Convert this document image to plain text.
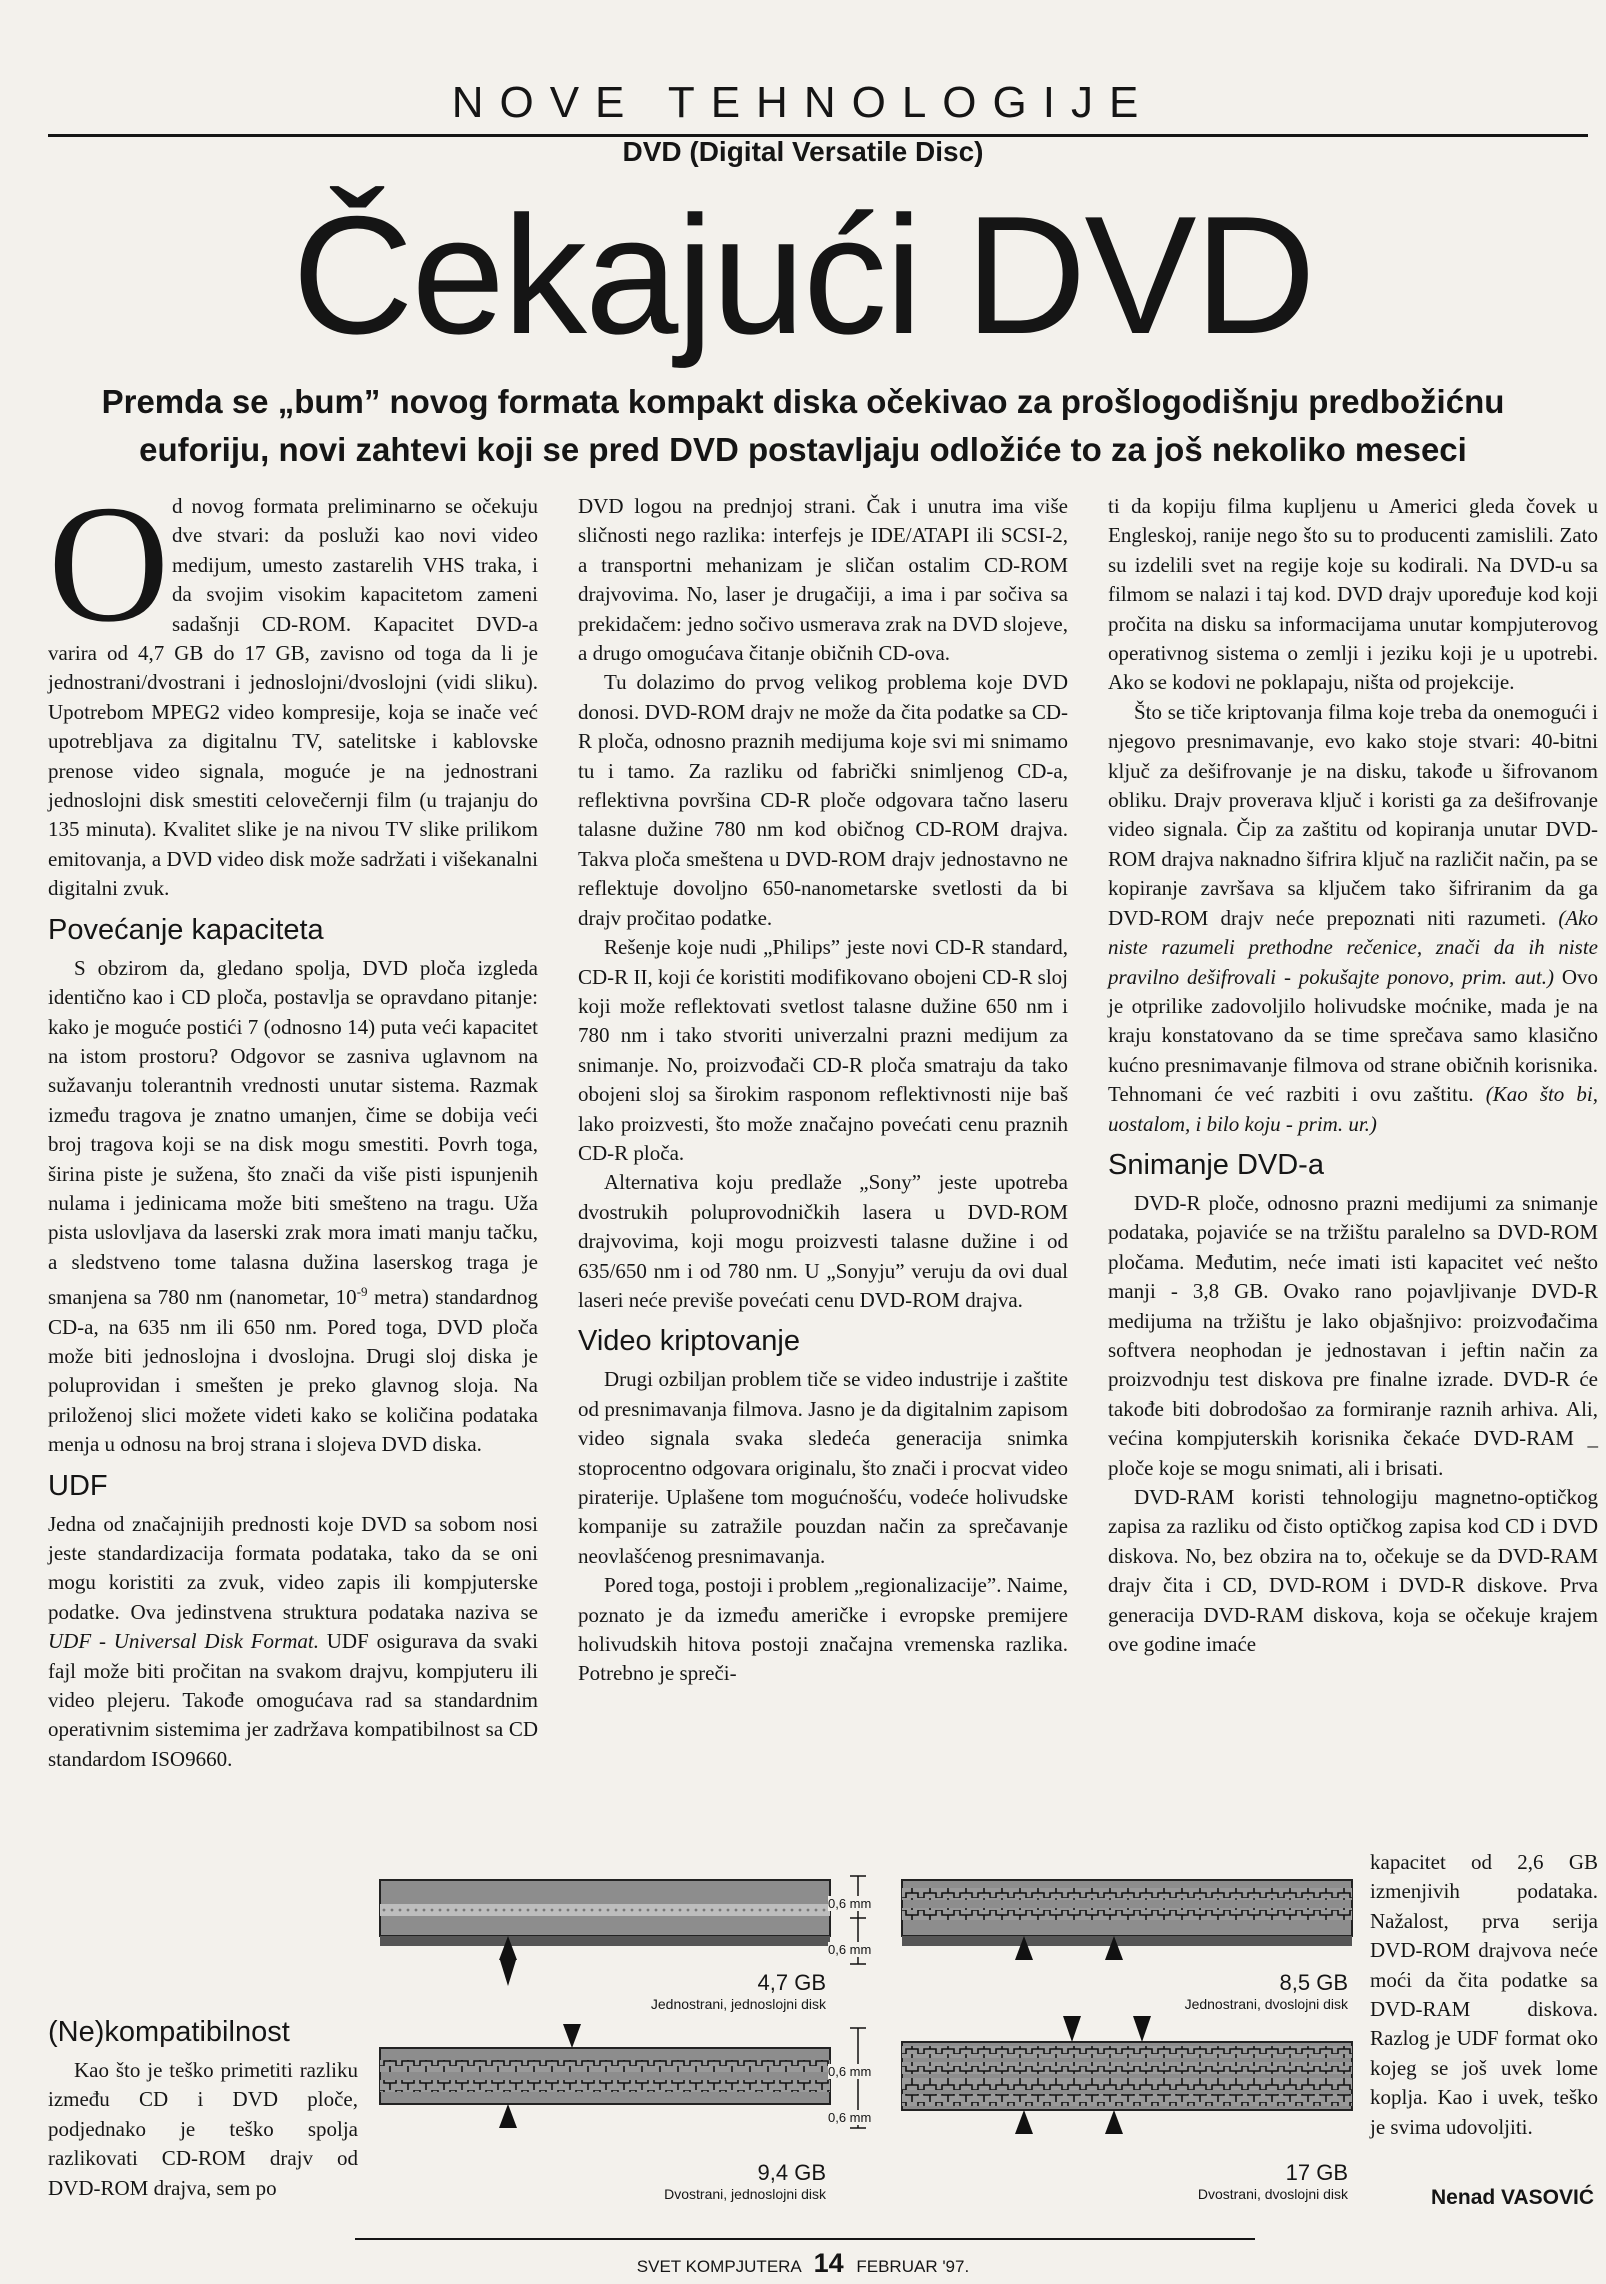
NOVE TEHNOLOGIJE
DVD (Digital Versatile Disc)
Čekajući DVD
Premda se „bum” novog formata kompakt diska očekivao za prošlogodišnju predbožićnu euforiju, novi zahtevi koji se pred DVD postavljaju odložiće to za još nekoliko meseci

Od novog formata preliminarno se očekuju dve stvari: da posluži kao novi video medijum, umesto zastarelih VHS traka, i da svojim visokim kapacitetom zameni sadašnji CD-ROM. Kapacitet DVD-a varira od 4,7 GB do 17 GB, zavisno od toga da li je jednostrani/dvostrani i jednoslojni/dvoslojni (vidi sliku). Upotrebom MPEG2 video kompresije, koja se inače već upotrebljava za digitalnu TV, satelitske i kablovske prenose video signala, moguće je na jednostrani jednoslojni disk smestiti celovečernji film (u trajanju do 135 minuta). Kvalitet slike je na nivou TV slike prilikom emitovanja, a DVD video disk može sadržati i višekanalni digitalni zvuk.

Povećanje kapaciteta

S obzirom da, gledano spolja, DVD ploča izgleda identično kao i CD ploča, postavlja se opravdano pitanje: kako je moguće postići 7 (odnosno 14) puta veći kapacitet na istom prostoru? Odgovor se zasniva uglavnom na sužavanju tolerantnih vrednosti unutar sistema. Razmak između tragova je znatno umanjen, čime se dobija veći broj tragova koji se na disk mogu smestiti. Povrh toga, širina piste je sužena, što znači da više pisti ispunjenih nulama i jedinicama može biti smešteno na tragu. Uža pista uslovljava da laserski zrak mora imati manju tačku, a sledstveno tome talasna dužina laserskog traga je smanjena sa 780 nm (nanometar, $10^{-9}$ metra) standardnog CD-a, na 635 nm ili 650 nm. Pored toga, DVD ploča može biti jednoslojna i dvoslojna. Drugi sloj diska je poluprovidan i smešten je preko glavnog sloja. Na priloženoj slici možete videti kako se količina podataka menja u odnosu na broj strana i slojeva DVD diska.

UDF

Jedna od značajnijih prednosti koje DVD sa sobom nosi jeste standardizacija formata podataka, tako da se oni mogu koristiti za zvuk, video zapis ili kompjuterske podatke. Ova jedinstvena struktura podataka naziva se UDF - Universal Disk Format. UDF osigurava da svaki fajl može biti pročitan na svakom drajvu, kompjuteru ili video plejeru. Takođe omogućava rad sa standardnim operativnim sistemima jer zadržava kompatibilnost sa CD standardom ISO9660.

(Ne)kompatibilnost

Kao što je teško primetiti razliku između CD i DVD ploče, podjednako je teško spolja razlikovati CD-ROM drajv od DVD-ROM drajva, sem po

DVD logou na prednjoj strani. Čak i unutra ima više sličnosti nego razlika: interfejs je IDE/ATAPI ili SCSI-2, a transportni mehanizam je sličan ostalim CD-ROM drajvovima. No, laser je drugačiji, a ima i par sočiva sa prekidačem: jedno sočivo usmerava zrak na DVD slojeve, a drugo omogućava čitanje običnih CD-ova.

Tu dolazimo do prvog velikog problema koje DVD donosi. DVD-ROM drajv ne može da čita podatke sa CD-R ploča, odnosno praznih medijuma koje svi mi snimamo tu i tamo. Za razliku od fabrički snimljenog CD-a, reflektivna površina CD-R ploče odgovara tačno laseru talasne dužine 780 nm kod običnog CD-ROM drajva. Takva ploča smeštena u DVD-ROM drajv jednostavno ne reflektuje dovoljno 650-nanometarske svetlosti da bi drajv pročitao podatke.

Rešenje koje nudi „Philips” jeste novi CD-R standard, CD-R II, koji će koristiti modifikovano obojeni CD-R sloj koji može reflektovati svetlost talasne dužine 650 nm i 780 nm i tako stvoriti univerzalni prazni medijum za snimanje. No, proizvođači CD-R ploča smatraju da tako obojeni sloj sa širokim rasponom reflektivnosti nije baš lako proizvesti, što može značajno povećati cenu praznih CD-R ploča.

Alternativa koju predlaže „Sony” jeste upotreba dvostrukih poluprovodničkih lasera u DVD-ROM drajvovima, koji mogu proizvesti talasne dužine i od 635/650 nm i od 780 nm. U „Sonyju” veruju da ovi dual laseri neće previše povećati cenu DVD-ROM drajva.

Video kriptovanje

Drugi ozbiljan problem tiče se video industrije i zaštite od presnimavanja filmova. Jasno je da digitalnim zapisom video signala svaka sledeća generacija snimka stoprocentno odgovara originalu, što znači i procvat video piraterije. Uplašene tom mogućnošću, vodeće holivudske kompanije su zatražile pouzdan način za sprečavanje neovlašćenog presnimavanja.

Pored toga, postoji i problem „regionalizacije”. Naime, poznato je da između američke i evropske premijere holivudskih hitova postoji značajna vremenska razlika. Potrebno je spreči-

ti da kopiju filma kupljenu u Americi gleda čovek u Engleskoj, ranije nego što su to producenti zamislili. Zato su izdelili svet na regije koje su kodirali. Na DVD-u sa filmom se nalazi i taj kod. DVD drajv upoređuje kod koji pročita na disku sa informacijama unutar kompjuterovog operativnog sistema o zemlji i jeziku koji je u upotrebi. Ako se kodovi ne poklapaju, ništa od projekcije.

Što se tiče kriptovanja filma koje treba da onemogući i njegovo presnimavanje, evo kako stoje stvari: 40-bitni ključ za dešifrovanje je na disku, takođe u šifrovanom obliku. Drajv proverava ključ i koristi ga za dešifrovanje video signala. Čip za zaštitu od kopiranja unutar DVD-ROM drajva naknadno šifrira ključ na različit način, pa se kopiranje završava sa ključem tako šifriranim da ga DVD-ROM drajv neće prepoznati niti razumeti. (Ako niste razumeli prethodne rečenice, znači da ih niste pravilno dešifrovali - pokušajte ponovo, prim. aut.) Ovo je otprilike zadovoljilo holivudske moćnike, mada je na kraju konstatovano da se time sprečava samo klasično kućno presnimavanje filmova od strane običnih korisnika. Tehnomani će već razbiti i ovu zaštitu. (Kao što bi, uostalom, i bilo koju - prim. ur.)

Snimanje DVD-a

DVD-R ploče, odnosno prazni medijumi za snimanje podataka, pojaviće se na tržištu paralelno sa DVD-ROM pločama. Međutim, neće imati isti kapacitet već nešto manji - 3,8 GB. Ovako rano pojavljivanje DVD-R medijuma na tržištu je lako objašnjivo: proizvođačima softvera neophodan je jednostavan i jeftin način za proizvodnju test diskova pre finalne izrade. DVD-R će takođe biti dobrodošao za formiranje raznih arhiva. Ali, većina kompjuterskih korisnika čekaće DVD-RAM _ ploče koje se mogu snimati, ali i brisati.

DVD-RAM koristi tehnologiju magnetno-optičkog zapisa za razliku od čisto optičkog zapisa kod CD i DVD diskova. No, bez obzira na to, očekuje se da DVD-RAM drajv čita i CD, DVD-ROM i DVD-R diskove. Prva generacija DVD-RAM diskova, koja se očekuje krajem ove godine imaće

kapacitet od 2,6 GB izmenjivih podataka. Nažalost, prva serija DVD-ROM drajvova neće moći da čita podatke sa DVD-RAM diskova. Razlog je UDF format oko kojeg se još uvek lome koplja. Kao i uvek, teško je svima udovoljiti.

Nenad VASOVIĆ
0,6 mm
0,6 mm
0,6 mm
0,6 mm
4,7 GB
Jednostrani, jednoslojni disk
8,5 GB
Jednostrani, dvoslojni disk
9,4 GB
Dvostrani, jednoslojni disk
17 GB
Dvostrani, dvoslojni disk
SVET KOMPJUTERA 14 FEBRUAR '97.
